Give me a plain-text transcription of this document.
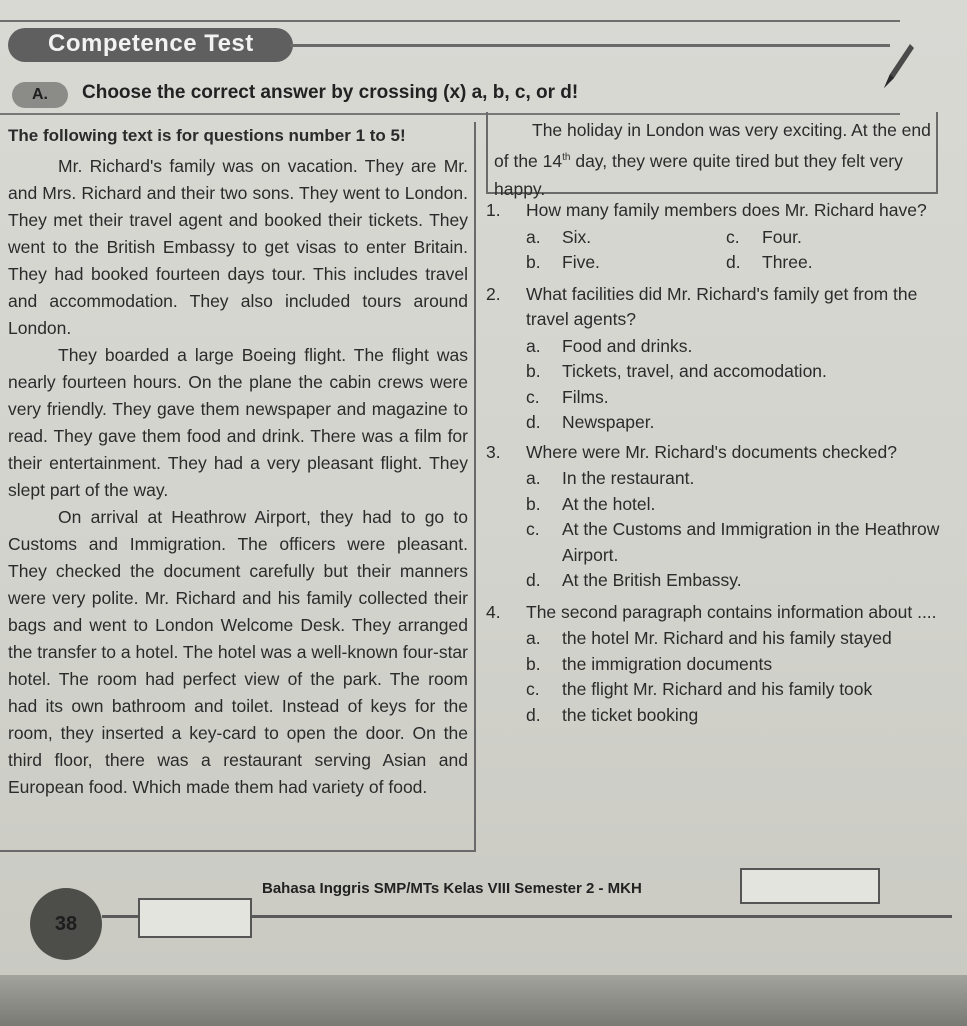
Competence Test
A.	Choose the correct answer by crossing (x) a, b, c, or d!
The following text is for questions number 1 to 5!
Mr. Richard's family was on vacation. They are Mr. and Mrs. Richard and their two sons. They went to London. They met their travel agent and booked their tickets. They went to the British Embassy to get visas to enter Britain. They had booked fourteen days tour. This includes travel and accommodation. They also included tours around London.
They boarded a large Boeing flight. The flight was nearly fourteen hours. On the plane the cabin crews were very friendly. They gave them newspaper and magazine to read. They gave them food and drink. There was a film for their entertainment. They had a very pleasant flight. They slept part of the way.
On arrival at Heathrow Airport, they had to go to Customs and Immigration. The officers were pleasant. They checked the document carefully but their manners were very polite. Mr. Richard and his family collected their bags and went to London Welcome Desk. They arranged the transfer to a hotel. The hotel was a well-known four-star hotel. The room had perfect view of the park. The room had its own bathroom and toilet. Instead of keys for the room, they inserted a key-card to open the door. On the third floor, there was a restaurant serving Asian and European food. Which made them had variety of food.
The holiday in London was very exciting. At the end of the 14th day, they were quite tired but they felt very happy.
1.	How many family members does Mr. Richard have?
a.	Six.	c.	Four.
b.	Five.	d.	Three.
2.	What facilities did Mr. Richard's family get from the travel agents?
a.	Food and drinks.
b.	Tickets, travel, and accomodation.
c.	Films.
d.	Newspaper.
3.	Where were Mr. Richard's documents checked?
a.	In the restaurant.
b.	At the hotel.
c.	At the Customs and Immigration in the Heathrow Airport.
d.	At the British Embassy.
4.	The second paragraph contains information about ....
a.	the hotel Mr. Richard and his family stayed
b.	the immigration documents
c.	the flight Mr. Richard and his family took
d.	the ticket booking
38
Bahasa Inggris SMP/MTs Kelas VIII Semester 2 - MKH
